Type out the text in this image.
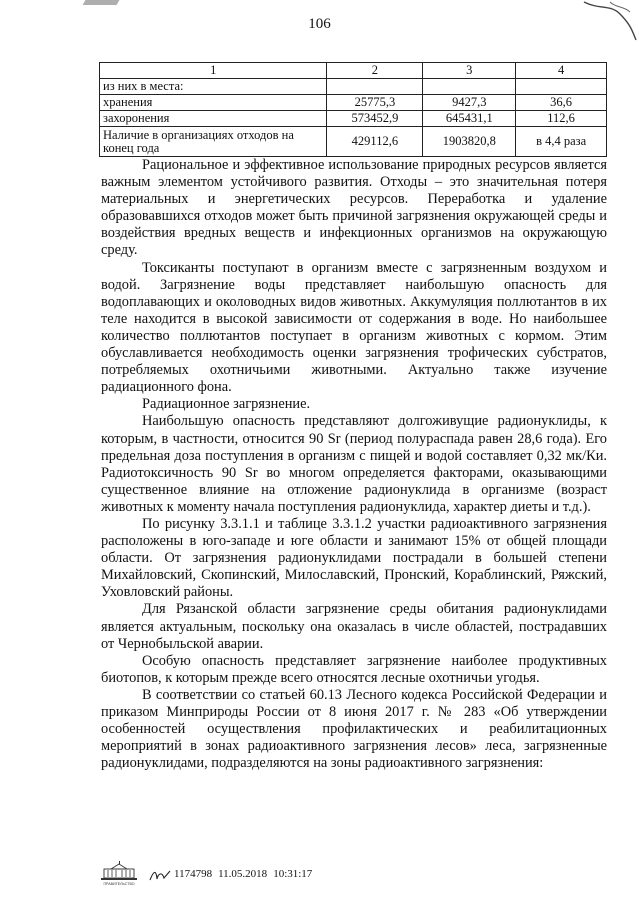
106
1	2	3	4
из них в места:			
хранения	25775,3	9427,3	36,6
захоронения	573452,9	645431,1	112,6
Наличие в организациях отходов на конец года	429112,6	1903820,8	в 4,4 раза

Рациональное и эффективное использование природных ресурсов является важным элементом устойчивого развития. Отходы – это значительная потеря материальных и энергетических ресурсов. Переработка и удаление образовавшихся отходов может быть причиной загрязнения окружающей среды и воздействия вредных веществ и инфекционных организмов на окружающую среду.

Токсиканты поступают в организм вместе с загрязненным воздухом и водой. Загрязнение воды представляет наибольшую опасность для водоплавающих и околоводных видов животных. Аккумуляция поллютантов в их теле находится в высокой зависимости от содержания в воде. Но наибольшее количество поллютантов поступает в организм животных с кормом. Этим обуславливается необходимость оценки загрязнения трофических субстратов, потребляемых охотничьими животными. Актуально также изучение радиационного фона.

Радиационное загрязнение.

Наибольшую опасность представляют долгоживущие радионуклиды, к которым, в частности, относится 90 Sr (период полураспада равен 28,6 года). Его предельная доза поступления в организм с пищей и водой составляет 0,32 мк/Ки. Радиотоксичность 90 Sr во многом определяется факторами, оказывающими существенное влияние на отложение радионуклида в организме (возраст животных к моменту начала поступления радионуклида, характер диеты и т.д.).

По рисунку 3.3.1.1 и таблице 3.3.1.2 участки радиоактивного загрязнения расположены в юго-западе и юге области и занимают 15% от общей площади области. От загрязнения радионуклидами пострадали в большей степени Михайловский, Скопинский, Милославский, Пронский, Кораблинский, Ряжский, Уховловский районы.

Для Рязанской области загрязнение среды обитания радионуклидами является актуальным, поскольку она оказалась в числе областей, пострадавших от Чернобыльской аварии.

Особую опасность представляет загрязнение наиболее продуктивных биотопов, к которым прежде всего относятся лесные охотничьи угодья.

В соответствии со статьей 60.13 Лесного кодекса Российской Федерации и приказом Минприроды России от 8 июня 2017 г. № 283 «Об утверждении особенностей осуществления профилактических и реабилитационных мероприятий в зонах радиоактивного загрязнения лесов» леса, загрязненные радионуклидами, подразделяются на зоны радиоактивного загрязнения:

ПРАВИТЕЛЬСТВО
1174798 11.05.2018 10:31:17
